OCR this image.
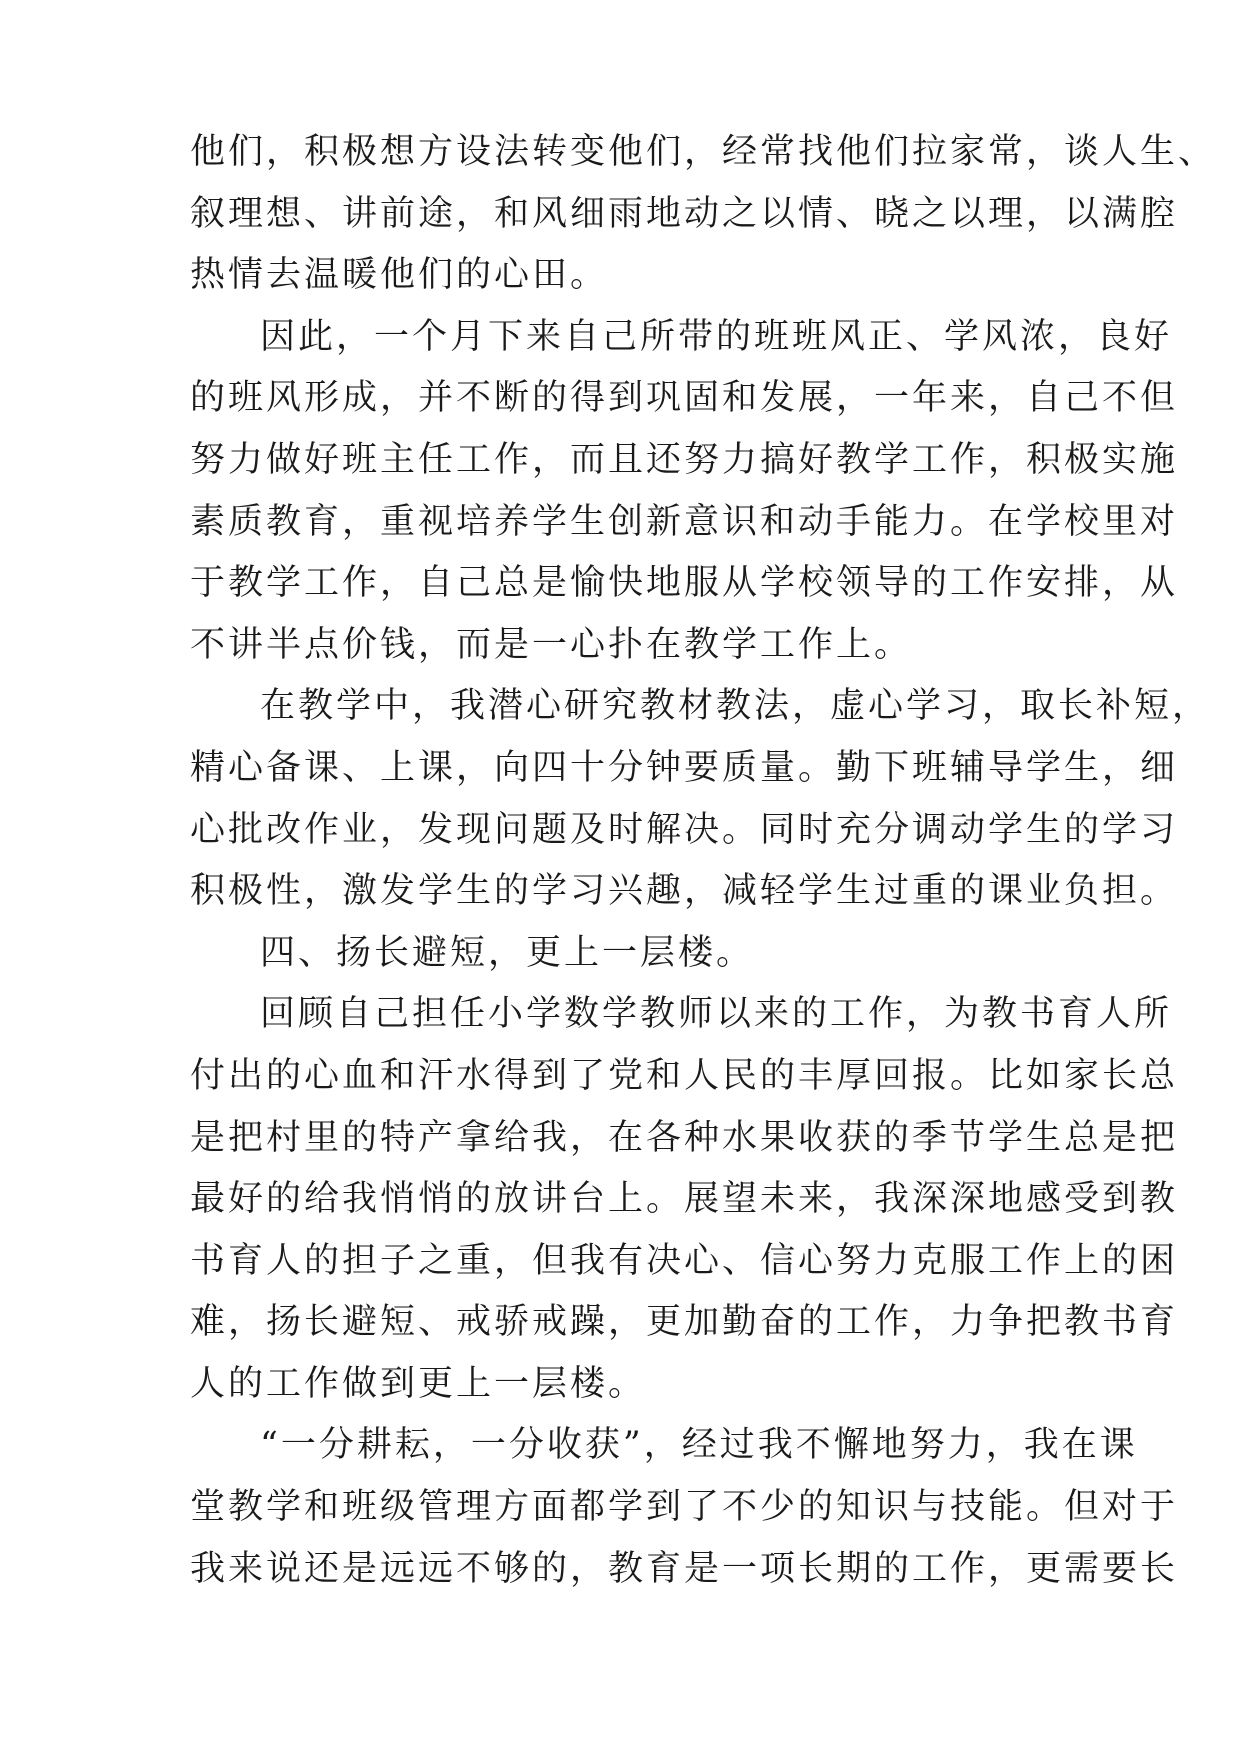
他们，积极想方设法转变他们，经常找他们拉家常，谈人生、
叙理想、讲前途，和风细雨地动之以情、晓之以理，以满腔
热情去温暖他们的心田。
因此，一个月下来自己所带的班班风正、学风浓，良好
的班风形成，并不断的得到巩固和发展，一年来，自己不但
努力做好班主任工作，而且还努力搞好教学工作，积极实施
素质教育，重视培养学生创新意识和动手能力。在学校里对
于教学工作，自己总是愉快地服从学校领导的工作安排，从
不讲半点价钱，而是一心扑在教学工作上。
在教学中，我潜心研究教材教法，虚心学习，取长补短，
精心备课、上课，向四十分钟要质量。勤下班辅导学生，细
心批改作业，发现问题及时解决。同时充分调动学生的学习
积极性，激发学生的学习兴趣，减轻学生过重的课业负担。
四、扬长避短，更上一层楼。
回顾自己担任小学数学教师以来的工作，为教书育人所
付出的心血和汗水得到了党和人民的丰厚回报。比如家长总
是把村里的特产拿给我，在各种水果收获的季节学生总是把
最好的给我悄悄的放讲台上。展望未来，我深深地感受到教
书育人的担子之重，但我有决心、信心努力克服工作上的困
难，扬长避短、戒骄戒躁，更加勤奋的工作，力争把教书育
人的工作做到更上一层楼。
“一分耕耘，一分收获”，经过我不懈地努力，我在课
堂教学和班级管理方面都学到了不少的知识与技能。但对于
我来说还是远远不够的，教育是一项长期的工作，更需要长
